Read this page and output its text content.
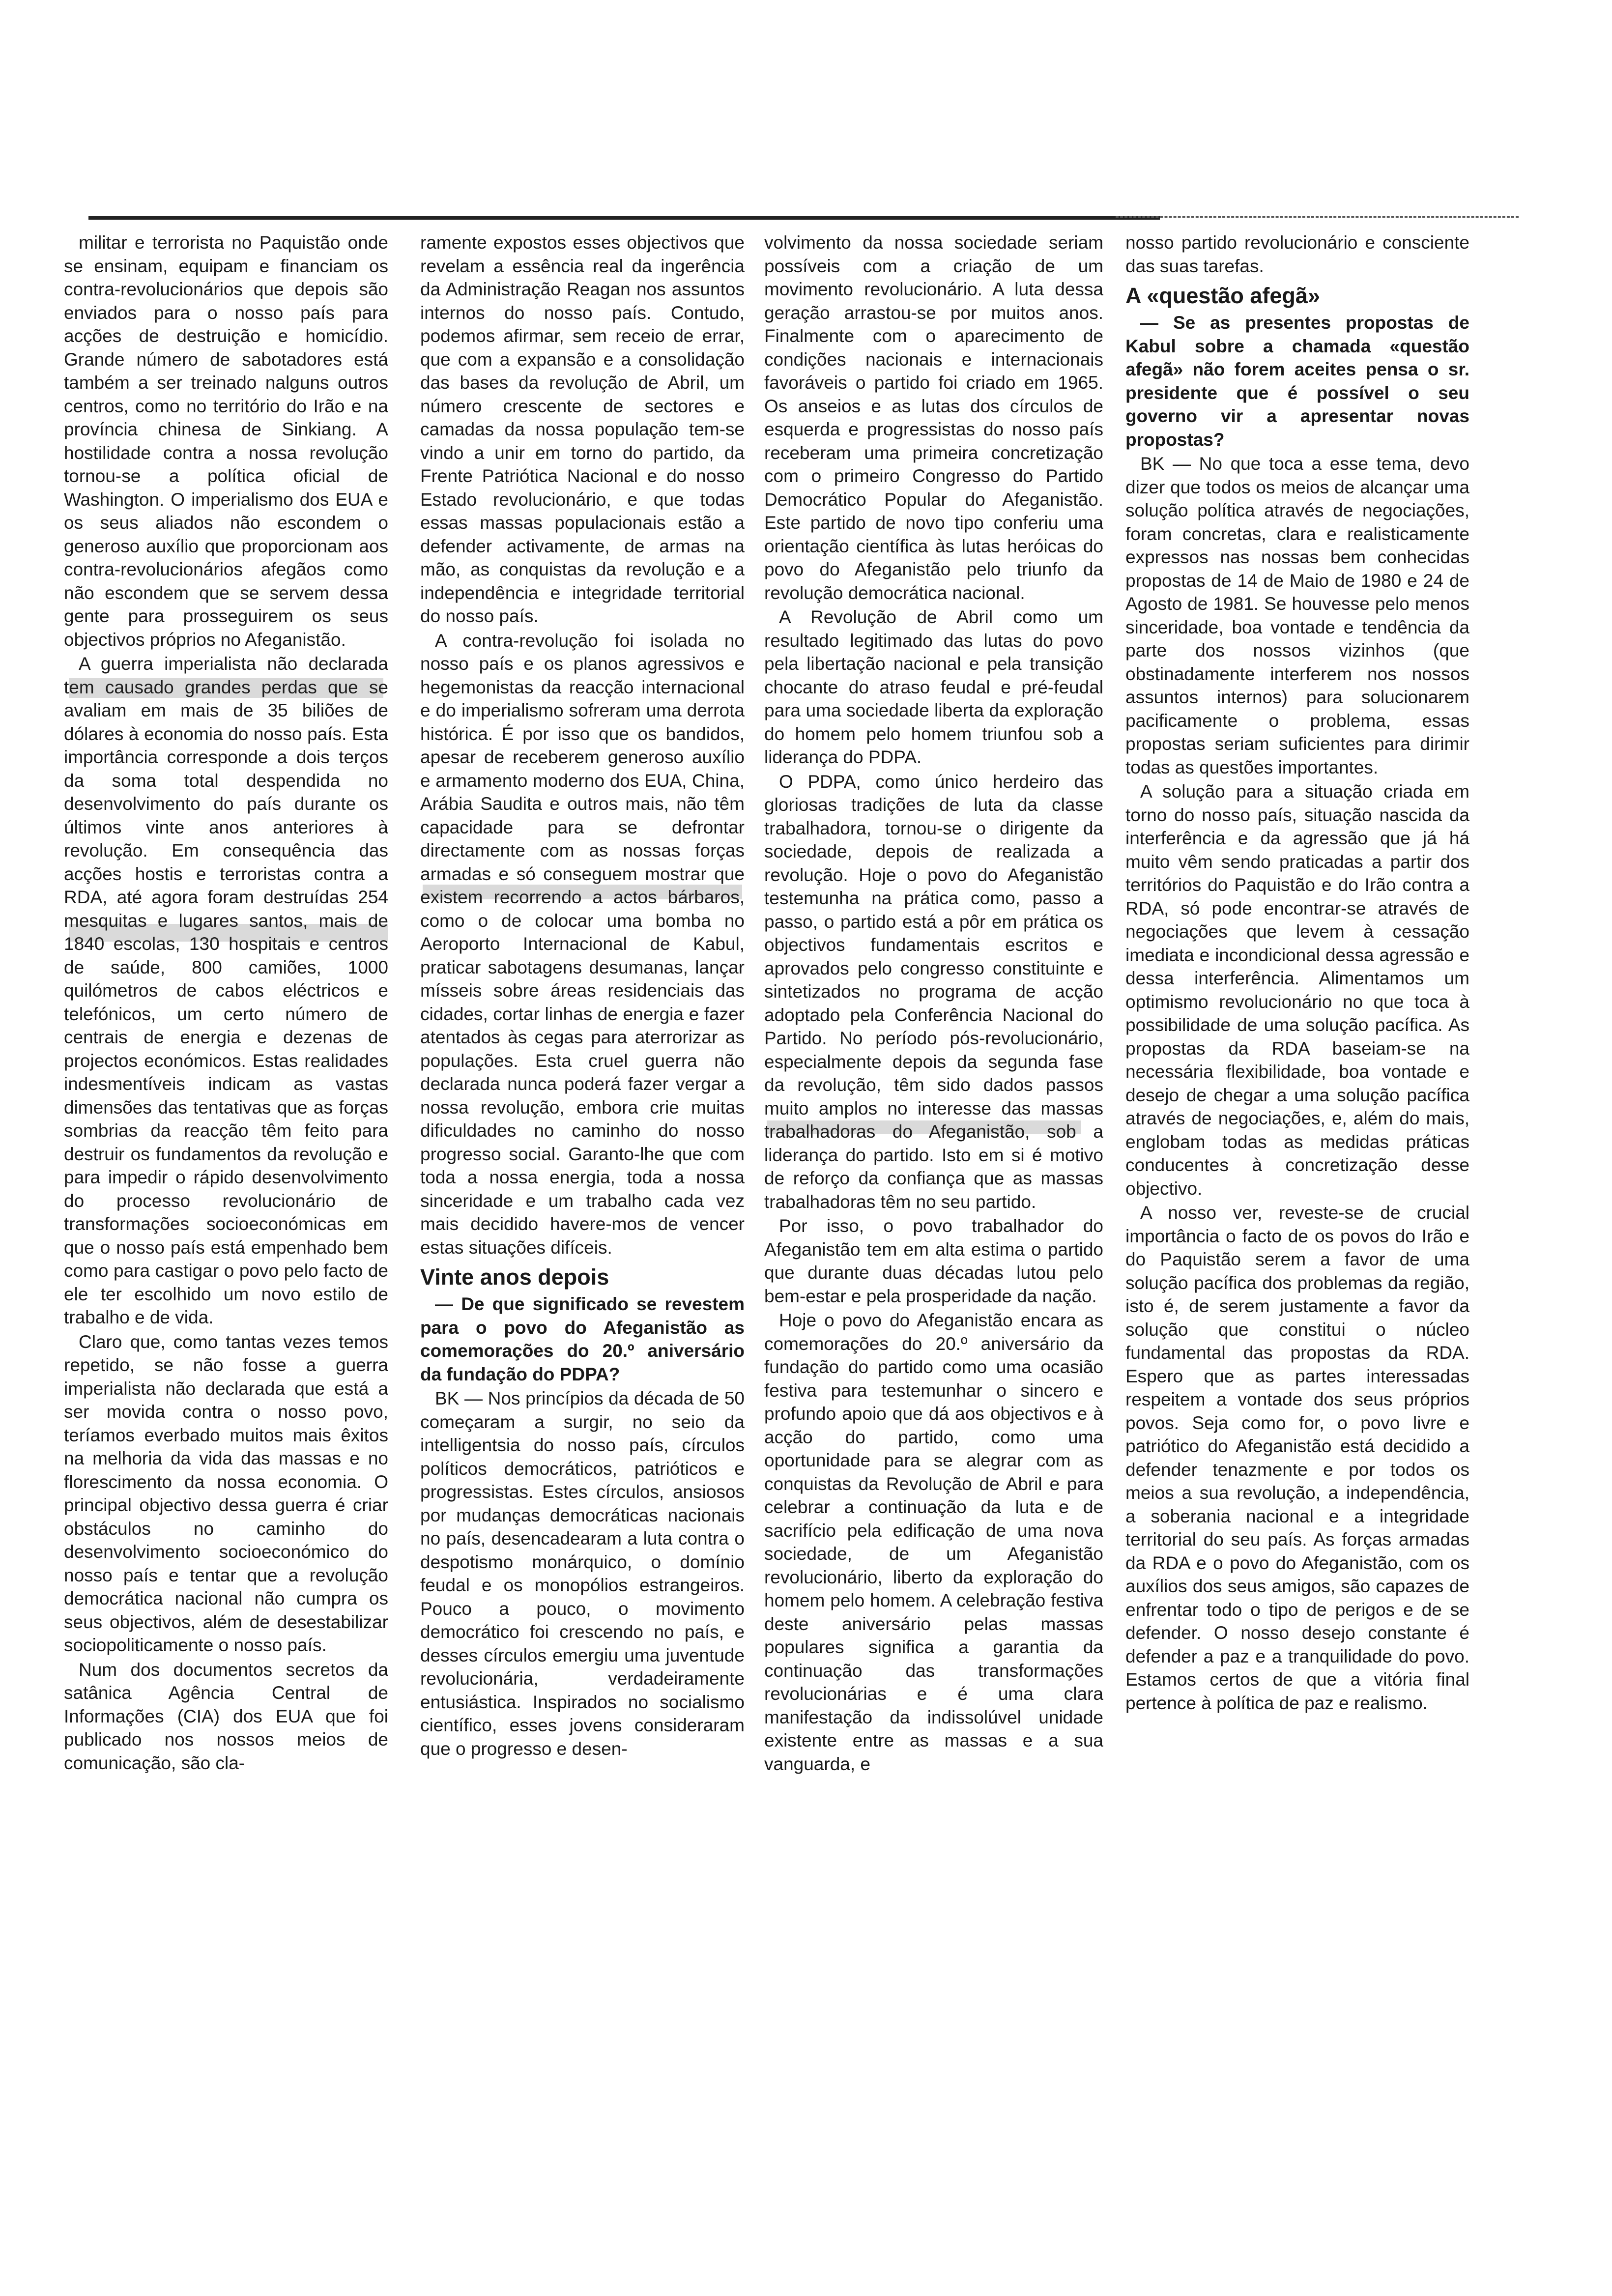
militar e terrorista no Paquistão onde se ensinam, equipam e financiam os contra-revolucionários que depois são enviados para o nosso país para acções de destruição e homicídio. Grande número de sabotadores está também a ser treinado nalguns outros centros, como no território do Irão e na província chinesa de Sinkiang. A hostilidade contra a nossa revolução tornou-se a política oficial de Washington. O imperialismo dos EUA e os seus aliados não escondem o generoso auxílio que proporcionam aos contra-revolucionários afegãos como não escondem que se servem dessa gente para prosseguirem os seus objectivos próprios no Afeganistão.

A guerra imperialista não declarada tem causado grandes perdas que se avaliam em mais de 35 biliões de dólares à economia do nosso país. Esta importância corresponde a dois terços da soma total despendida no desenvolvimento do país durante os últimos vinte anos anteriores à revolução. Em consequência das acções hostis e terroristas contra a RDA, até agora foram destruídas 254 mesquitas e lugares santos, mais de 1840 escolas, 130 hospitais e centros de saúde, 800 camiões, 1000 quilómetros de cabos eléctricos e telefónicos, um certo número de centrais de energia e dezenas de projectos económicos. Estas realidades indesmentíveis indicam as vastas dimensões das tentativas que as forças sombrias da reacção têm feito para destruir os fundamentos da revolução e para impedir o rápido desenvolvimento do processo revolucionário de transformações socioeconómicas em que o nosso país está empenhado bem como para castigar o povo pelo facto de ele ter escolhido um novo estilo de trabalho e de vida.

Claro que, como tantas vezes temos repetido, se não fosse a guerra imperialista não declarada que está a ser movida contra o nosso povo, teríamos everbado muitos mais êxitos na melhoria da vida das massas e no florescimento da nossa economia. O principal objectivo dessa guerra é criar obstáculos no caminho do desenvolvimento socioeconómico do nosso país e tentar que a revolução democrática nacional não cumpra os seus objectivos, além de desestabilizar sociopoliticamente o nosso país.

Num dos documentos secretos da satânica Agência Central de Informações (CIA) dos EUA que foi publicado nos nossos meios de comunicação, são cla-

ramente expostos esses objectivos que revelam a essência real da ingerência da Administração Reagan nos assuntos internos do nosso país. Contudo, podemos afirmar, sem receio de errar, que com a expansão e a consolidação das bases da revolução de Abril, um número crescente de sectores e camadas da nossa população tem-se vindo a unir em torno do partido, da Frente Patriótica Nacional e do nosso Estado revolucionário, e que todas essas massas populacionais estão a defender activamente, de armas na mão, as conquistas da revolução e a independência e integridade territorial do nosso país.

A contra-revolução foi isolada no nosso país e os planos agressivos e hegemonistas da reacção internacional e do imperialismo sofreram uma derrota histórica. É por isso que os bandidos, apesar de receberem generoso auxílio e armamento moderno dos EUA, China, Arábia Saudita e outros mais, não têm capacidade para se defrontar directamente com as nossas forças armadas e só conseguem mostrar que existem recorrendo a actos bárbaros, como o de colocar uma bomba no Aeroporto Internacional de Kabul, praticar sabotagens desumanas, lançar mísseis sobre áreas residenciais das cidades, cortar linhas de energia e fazer atentados às cegas para aterrorizar as populações. Esta cruel guerra não declarada nunca poderá fazer vergar a nossa revolução, embora crie muitas dificuldades no caminho do nosso progresso social. Garanto-lhe que com toda a nossa energia, toda a nossa sinceridade e um trabalho cada vez mais decidido havere-mos de vencer estas situações difíceis.

Vinte anos depois

— De que significado se revestem para o povo do Afeganistão as comemorações do 20.º aniversário da fundação do PDPA?

BK — Nos princípios da década de 50 começaram a surgir, no seio da intelligentsia do nosso país, círculos políticos democráticos, patrióticos e progressistas. Estes círculos, ansiosos por mudanças democráticas nacionais no país, desencadearam a luta contra o despotismo monárquico, o domínio feudal e os monopólios estrangeiros. Pouco a pouco, o movimento democrático foi crescendo no país, e desses círculos emergiu uma juventude revolucionária, verdadeiramente entusiástica. Inspirados no socialismo científico, esses jovens consideraram que o progresso e desen-

volvimento da nossa sociedade seriam possíveis com a criação de um movimento revolucionário. A luta dessa geração arrastou-se por muitos anos. Finalmente com o aparecimento de condições nacionais e internacionais favoráveis o partido foi criado em 1965. Os anseios e as lutas dos círculos de esquerda e progressistas do nosso país receberam uma primeira concretização com o primeiro Congresso do Partido Democrático Popular do Afeganistão. Este partido de novo tipo conferiu uma orientação científica às lutas heróicas do povo do Afeganistão pelo triunfo da revolução democrática nacional.

A Revolução de Abril como um resultado legitimado das lutas do povo pela libertação nacional e pela transição chocante do atraso feudal e pré-feudal para uma sociedade liberta da exploração do homem pelo homem triunfou sob a liderança do PDPA.

O PDPA, como único herdeiro das gloriosas tradições de luta da classe trabalhadora, tornou-se o dirigente da sociedade, depois de realizada a revolução. Hoje o povo do Afeganistão testemunha na prática como, passo a passo, o partido está a pôr em prática os objectivos fundamentais escritos e aprovados pelo congresso constituinte e sintetizados no programa de acção adoptado pela Conferência Nacional do Partido. No período pós-revolucionário, especialmente depois da segunda fase da revolução, têm sido dados passos muito amplos no interesse das massas trabalhadoras do Afeganistão, sob a liderança do partido. Isto em si é motivo de reforço da confiança que as massas trabalhadoras têm no seu partido.

Por isso, o povo trabalhador do Afeganistão tem em alta estima o partido que durante duas décadas lutou pelo bem-estar e pela prosperidade da nação.

Hoje o povo do Afeganistão encara as comemorações do 20.º aniversário da fundação do partido como uma ocasião festiva para testemunhar o sincero e profundo apoio que dá aos objectivos e à acção do partido, como uma oportunidade para se alegrar com as conquistas da Revolução de Abril e para celebrar a continuação da luta e de sacrifício pela edificação de uma nova sociedade, de um Afeganistão revolucionário, liberto da exploração do homem pelo homem. A celebração festiva deste aniversário pelas massas populares significa a garantia da continuação das transformações revolucionárias e é uma clara manifestação da indissolúvel unidade existente entre as massas e a sua vanguarda, e

nosso partido revolucionário e consciente das suas tarefas.

A «questão afegã»

— Se as presentes propostas de Kabul sobre a chamada «questão afegã» não forem aceites pensa o sr. presidente que é possível o seu governo vir a apresentar novas propostas?

BK — No que toca a esse tema, devo dizer que todos os meios de alcançar uma solução política através de negociações, foram concretas, clara e realisticamente expressos nas nossas bem conhecidas propostas de 14 de Maio de 1980 e 24 de Agosto de 1981. Se houvesse pelo menos sinceridade, boa vontade e tendência da parte dos nossos vizinhos (que obstinadamente interferem nos nossos assuntos internos) para solucionarem pacificamente o problema, essas propostas seriam suficientes para dirimir todas as questões importantes.

A solução para a situação criada em torno do nosso país, situação nascida da interferência e da agressão que já há muito vêm sendo praticadas a partir dos territórios do Paquistão e do Irão contra a RDA, só pode encontrar-se através de negociações que levem à cessação imediata e incondicional dessa agressão e dessa interferência. Alimentamos um optimismo revolucionário no que toca à possibilidade de uma solução pacífica. As propostas da RDA baseiam-se na necessária flexibilidade, boa vontade e desejo de chegar a uma solução pacífica através de negociações, e, além do mais, englobam todas as medidas práticas conducentes à concretização desse objectivo.

A nosso ver, reveste-se de crucial importância o facto de os povos do Irão e do Paquistão serem a favor de uma solução pacífica dos problemas da região, isto é, de serem justamente a favor da solução que constitui o núcleo fundamental das propostas da RDA. Espero que as partes interessadas respeitem a vontade dos seus próprios povos. Seja como for, o povo livre e patriótico do Afeganistão está decidido a defender tenazmente e por todos os meios a sua revolução, a independência, a soberania nacional e a integridade territorial do seu país. As forças armadas da RDA e o povo do Afeganistão, com os auxílios dos seus amigos, são capazes de enfrentar todo o tipo de perigos e de se defender. O nosso desejo constante é defender a paz e a tranquilidade do povo. Estamos certos de que a vitória final pertence à política de paz e realismo.
